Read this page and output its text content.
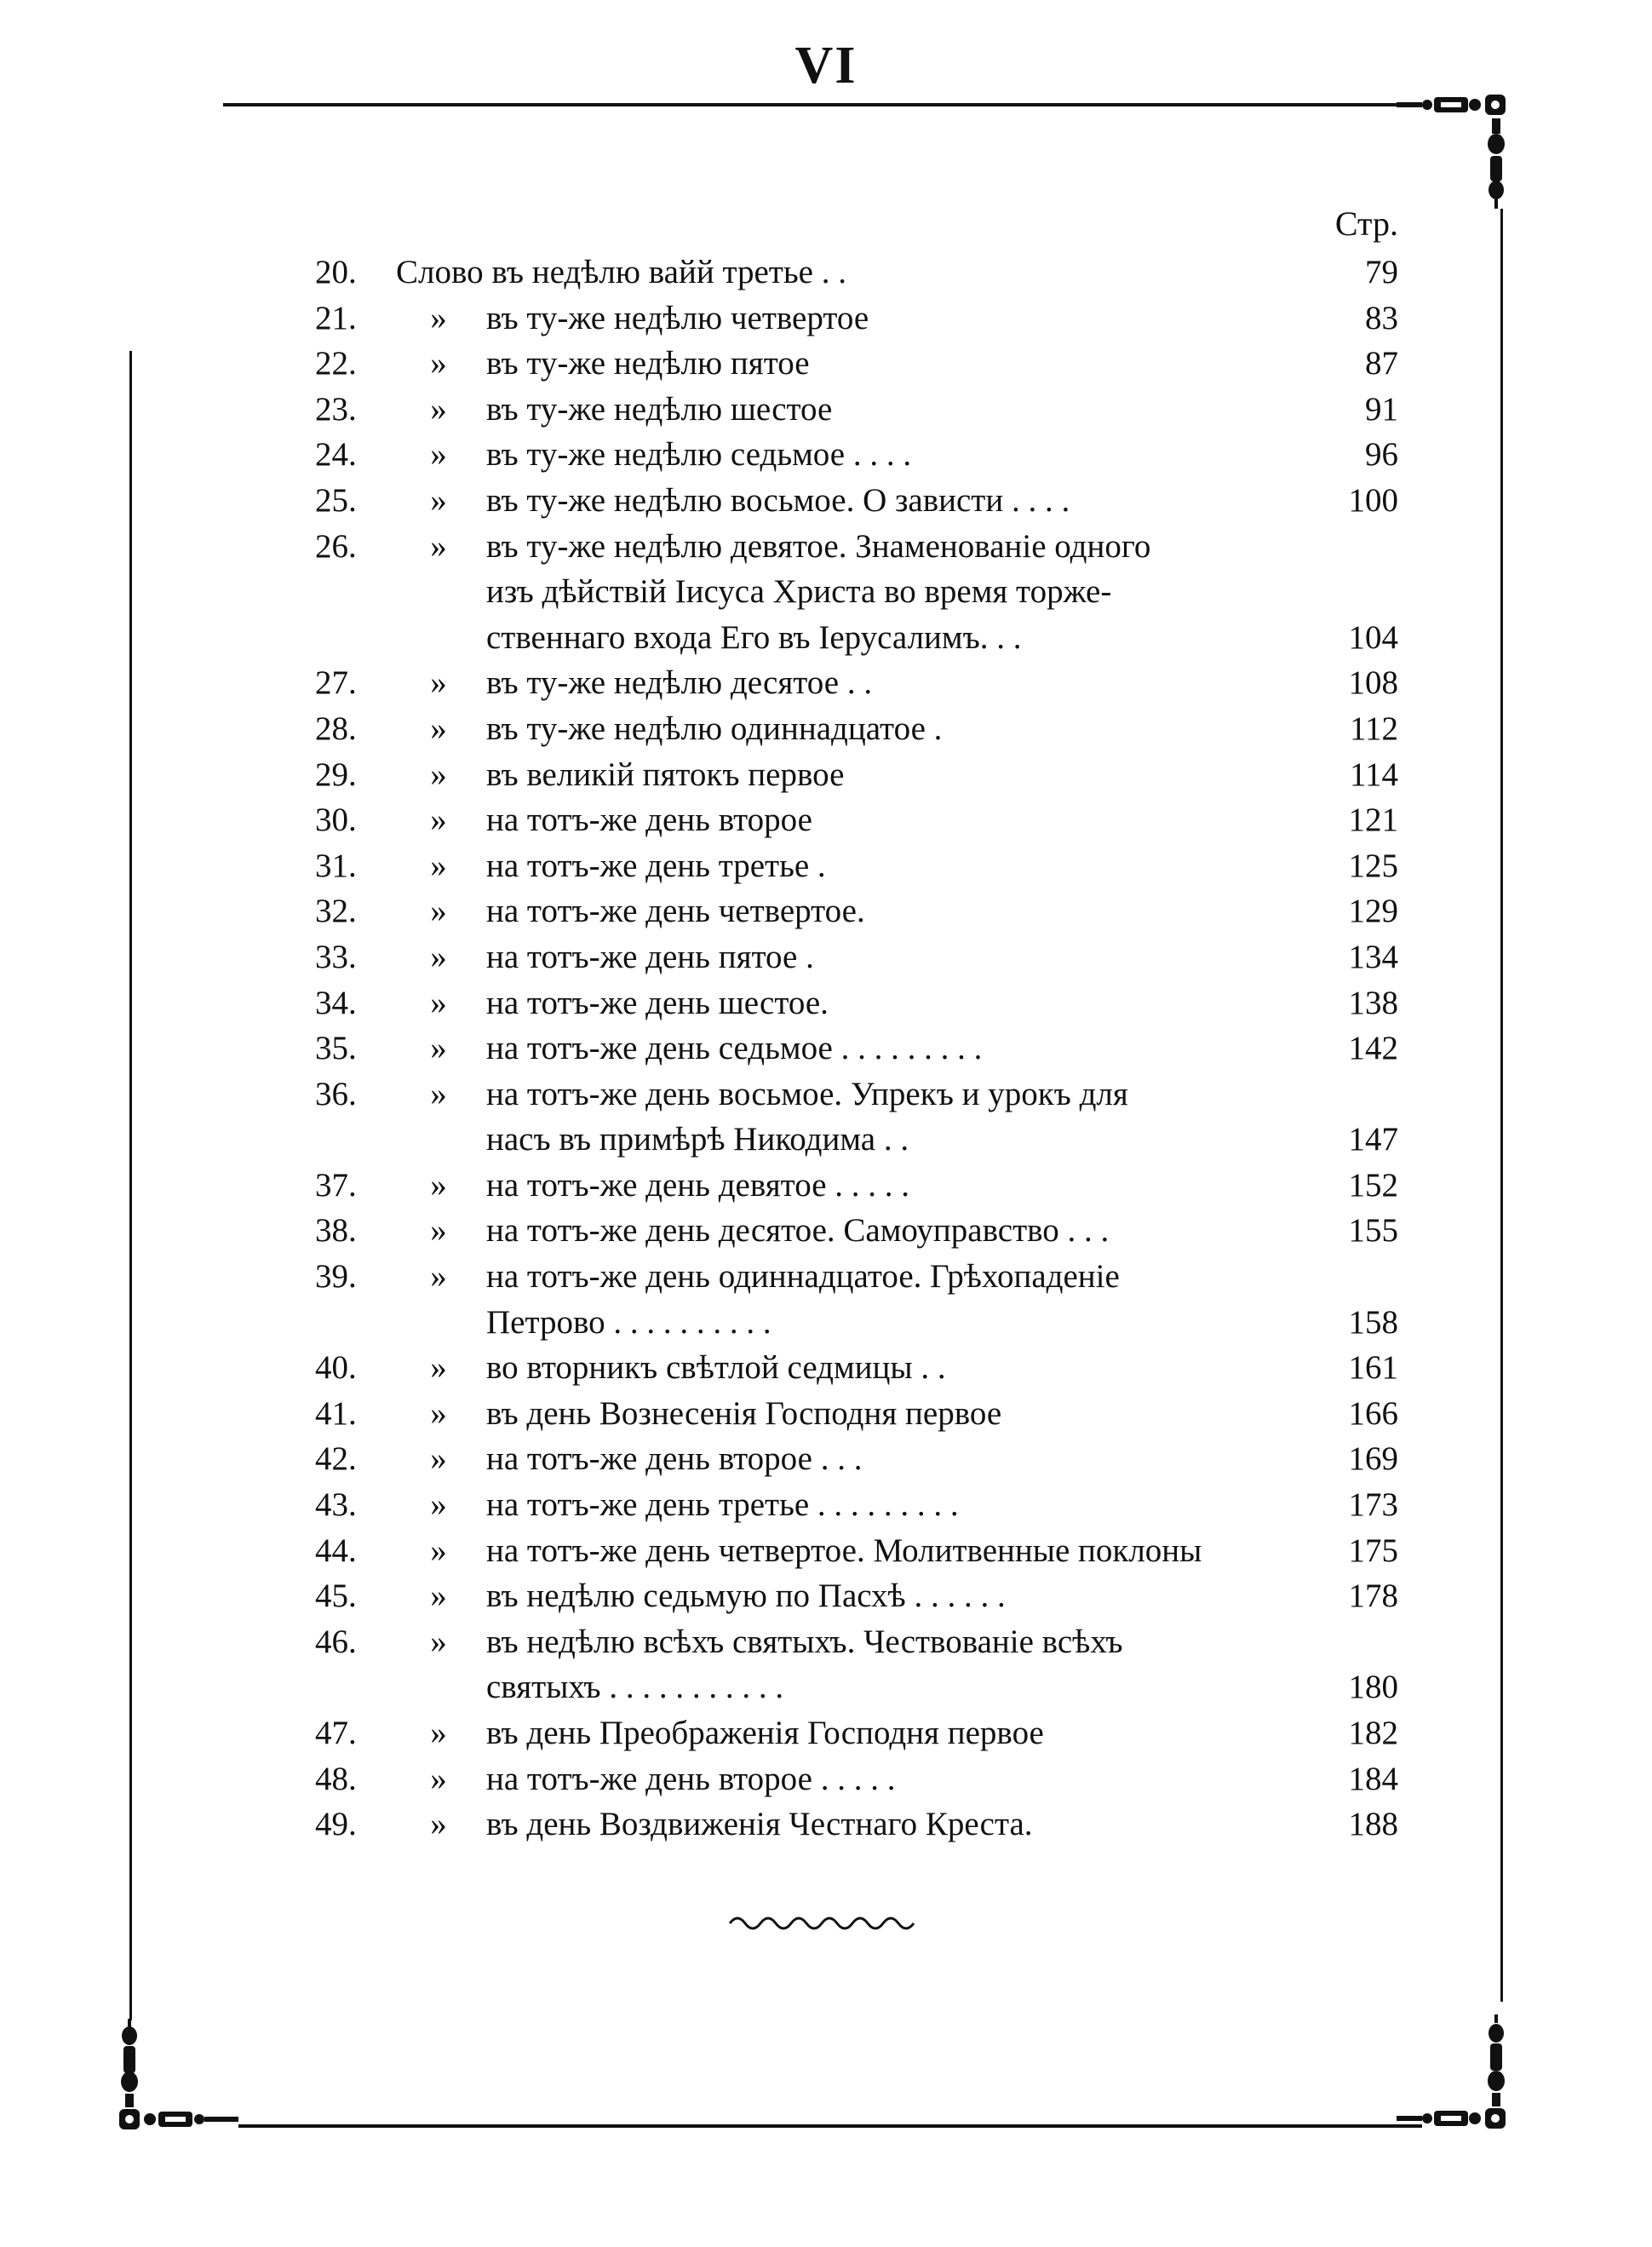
VI
Стр.
20.	Слово въ недѣлю вайй третье . .	79
21.	»	въ ту-же недѣлю четвертое	83
22.	»	въ ту-же недѣлю пятое	87
23.	»	въ ту-же недѣлю шестое	91
24.	»	въ ту-же недѣлю седьмое . . . .	96
25.	»	въ ту-же недѣлю восьмое. О зависти . . . .	100
26.	»	въ ту-же недѣлю девятое. Знаменованіе одного
изъ дѣйствій Іисуса Христа во время торже-
ственнаго входа Его въ Іерусалимъ. . .	104
27.	»	въ ту-же недѣлю десятое . .	108
28.	»	въ ту-же недѣлю одиннадцатое .	112
29.	»	въ великій пятокъ первое	114
30.	»	на тотъ-же день второе	121
31.	»	на тотъ-же день третье .	125
32.	»	на тотъ-же день четвертое.	129
33.	»	на тотъ-же день пятое .	134
34.	»	на тотъ-же день шестое.	138
35.	»	на тотъ-же день седьмое . . . . . . . . .	142
36.	»	на тотъ-же день восьмое. Упрекъ и урокъ для
насъ въ примѣрѣ Никодима . .	147
37.	»	на тотъ-же день девятое . . . . .	152
38.	»	на тотъ-же день десятое. Самоуправство . . .	155
39.	»	на тотъ-же день одиннадцатое. Грѣхопаденіе
Петрово . . . . . . . . . .	158
40.	»	во вторникъ свѣтлой седмицы . .	161
41.	»	въ день Вознесенія Господня первое	166
42.	»	на тотъ-же день второе . . .	169
43.	»	на тотъ-же день третье . . . . . . . . .	173
44.	»	на тотъ-же день четвертое. Молитвенные поклоны	175
45.	»	въ недѣлю седьмую по Пасхѣ . . . . . .	178
46.	»	въ недѣлю всѣхъ святыхъ. Чествованіе всѣхъ
святыхъ . . . . . . . . . . .	180
47.	»	въ день Преображенія Господня первое	182
48.	»	на тотъ-же день второе . . . . .	184
49.	»	въ день Воздвиженія Честнаго Креста.	188
